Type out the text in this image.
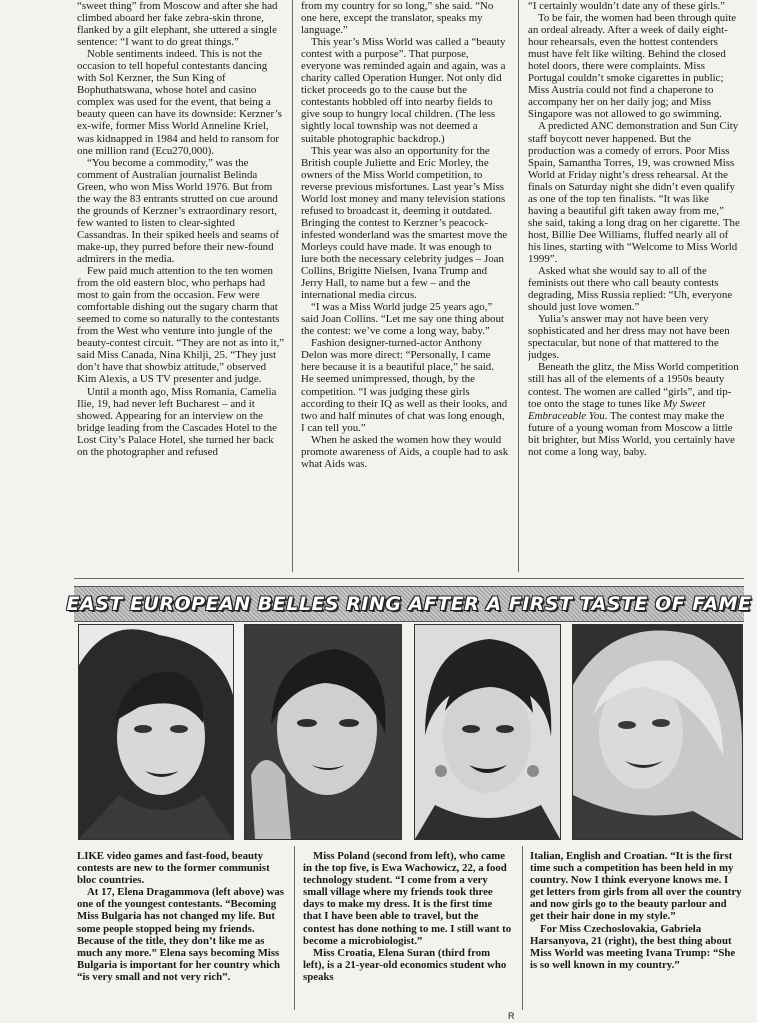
“sweet thing” from Moscow and after she had climbed aboard her fake zebra-skin throne, flanked by a gilt elephant, she uttered a single sentence: “I want to do great things.”

Noble sentiments indeed. This is not the occasion to tell hopeful contestants dancing with Sol Kerzner, the Sun King of Bophuthatswana, whose hotel and casino complex was used for the event, that being a beauty queen can have its downside: Kerzner’s ex-wife, former Miss World Anneline Kriel, was kidnapped in 1984 and held to ransom for one million rand (Ecu270,000).

“You become a commodity,” was the comment of Australian journalist Belinda Green, who won Miss World 1976. But from the way the 83 entrants strutted on cue around the grounds of Kerzner’s extraordinary resort, few wanted to listen to clear-sighted Cassandras. In their spiked heels and seams of make-up, they purred before their new-found admirers in the media.

Few paid much attention to the ten women from the old eastern bloc, who perhaps had most to gain from the occasion. Few were comfortable dishing out the sugary charm that seemed to come so naturally to the contestants from the West who venture into jungle of the beauty-contest circuit. “They are not as into it,” said Miss Canada, Nina Khilji, 25. “They just don’t have that showbiz attitude,” observed Kim Alexis, a US TV presenter and judge.

Until a month ago, Miss Romania, Camelia Ilie, 19, had never left Bucharest – and it showed. Appearing for an interview on the bridge leading from the Cascades Hotel to the Lost City’s Palace Hotel, she turned her back on the photographer and refused

from my country for so long,” she said. “No one here, except the translator, speaks my language.”

This year’s Miss World was called a “beauty contest with a purpose”. That purpose, everyone was reminded again and again, was a charity called Operation Hunger. Not only did ticket proceeds go to the cause but the contestants hobbled off into nearby fields to give soup to hungry local children. (The less sightly local township was not deemed a suitable photographic backdrop.)

This year was also an opportunity for the British couple Juliette and Eric Morley, the owners of the Miss World competition, to reverse previous misfortunes. Last year’s Miss World lost money and many television stations refused to broadcast it, deeming it outdated. Bringing the contest to Kerzner’s peacock-infested wonderland was the smartest move the Morleys could have made. It was enough to lure both the necessary celebrity judges – Joan Collins, Brigitte Nielsen, Ivana Trump and Jerry Hall, to name but a few – and the international media circus.

“I was a Miss World judge 25 years ago,” said Joan Collins. “Let me say one thing about the contest: we’ve come a long way, baby.”

Fashion designer-turned-actor Anthony Delon was more direct: “Personally, I came here because it is a beautiful place,” he said. He seemed unimpressed, though, by the competition. “I was judging these girls according to their IQ as well as their looks, and two and half minutes of chat was long enough, I can tell you.”

When he asked the women how they would promote awareness of Aids, a couple had to ask what Aids was.

“I certainly wouldn’t date any of these girls.”

To be fair, the women had been through quite an ordeal already. After a week of daily eight-hour rehearsals, even the hottest contenders must have felt like wilting. Behind the closed hotel doors, there were complaints. Miss Portugal couldn’t smoke cigarettes in public; Miss Austria could not find a chaperone to accompany her on her daily jog; and Miss Singapore was not allowed to go swimming.

A predicted ANC demonstration and Sun City staff boycott never happened. But the production was a comedy of errors. Poor Miss Spain, Samantha Torres, 19, was crowned Miss World at Friday night’s dress rehearsal. At the finals on Saturday night she didn’t even qualify as one of the top ten finalists. “It was like having a beautiful gift taken away from me,” she said, taking a long drag on her cigarette. The host, Billie Dee Williams, fluffed nearly all of his lines, starting with “Welcome to Miss World 1999”.

Asked what she would say to all of the feminists out there who call beauty contests degrading, Miss Russia replied: “Uh, everyone should just love women.”

Yulia’s answer may not have been very sophisticated and her dress may not have been spectacular, but none of that mattered to the judges.

Beneath the glitz, the Miss World competition still has all of the elements of a 1950s beauty contest. The women are called “girls”, and tip-toe onto the stage to tunes like My Sweet Embraceable You. The contest may make the future of a young woman from Moscow a little bit brighter, but Miss World, you certainly have not come a long way, baby.

EAST EUROPEAN BELLES RING AFTER A FIRST TASTE OF FAME

LIKE video games and fast-food, beauty contests are new to the former communist bloc countries.

At 17, Elena Dragammova (left above) was one of the youngest contestants. “Becoming Miss Bulgaria has not changed my life. But some people stopped being my friends. Because of the title, they don’t like me as much any more.” Elena says becoming Miss Bulgaria is important for her country which “is very small and not very rich”.

Miss Poland (second from left), who came in the top five, is Ewa Wachowicz, 22, a food technology student. “I come from a very small village where my friends took three days to make my dress. It is the first time that I have been able to travel, but the contest has done nothing to me. I still want to become a microbiologist.”

Miss Croatia, Elena Suran (third from left), is a 21-year-old economics student who speaks

Italian, English and Croatian. “It is the first time such a competition has been held in my country. Now I think everyone knows me. I get letters from girls from all over the country and now girls go to the beauty parlour and get their hair done in my style.”

For Miss Czechoslovakia, Gabriela Harsanyova, 21 (right), the best thing about Miss World was meeting Ivana Trump: “She is so well known in my country.”

R
